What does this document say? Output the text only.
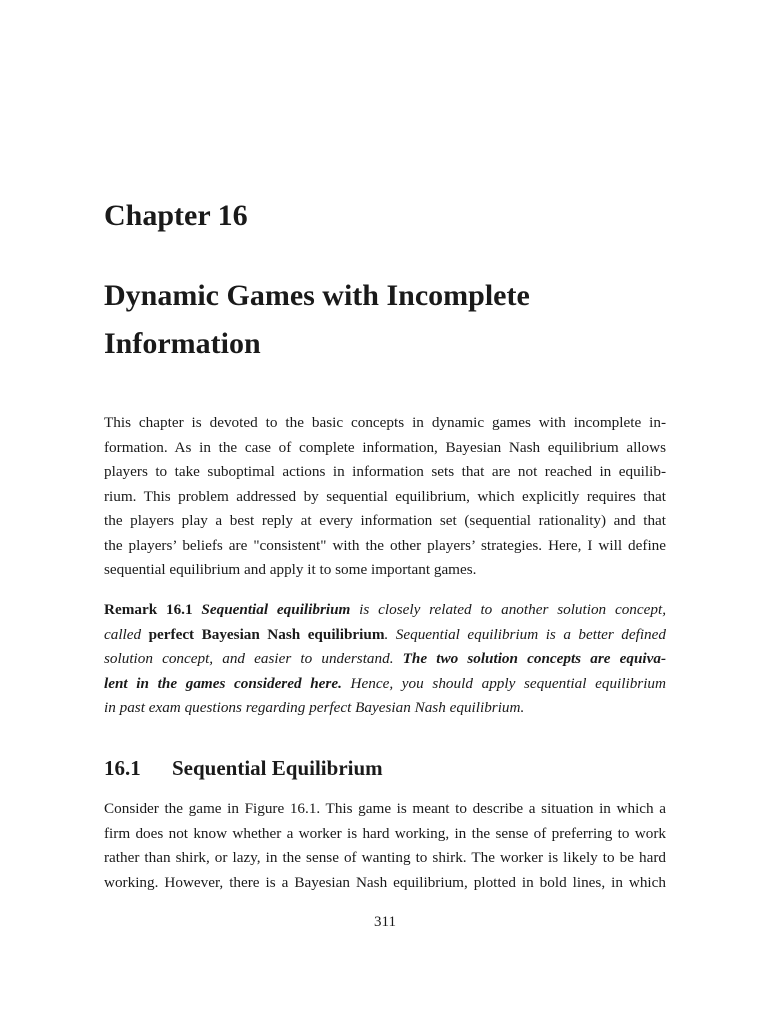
Chapter 16
Dynamic Games with Incomplete
Information

This chapter is devoted to the basic concepts in dynamic games with incomplete in-
formation. As in the case of complete information, Bayesian Nash equilibrium allows
players to take suboptimal actions in information sets that are not reached in equilib-
rium. This problem addressed by sequential equilibrium, which explicitly requires that
the players play a best reply at every information set (sequential rationality) and that
the players’ beliefs are "consistent" with the other players’ strategies. Here, I will define
sequential equilibrium and apply it to some important games.

Remark 16.1 Sequential equilibrium is closely related to another solution concept,
called perfect Bayesian Nash equilibrium. Sequential equilibrium is a better defined
solution concept, and easier to understand. The two solution concepts are equiva-
lent in the games considered here. Hence, you should apply sequential equilibrium
in past exam questions regarding perfect Bayesian Nash equilibrium.

16.1 Sequential Equilibrium

Consider the game in Figure 16.1. This game is meant to describe a situation in which a
firm does not know whether a worker is hard working, in the sense of preferring to work
rather than shirk, or lazy, in the sense of wanting to shirk. The worker is likely to be hard
working. However, there is a Bayesian Nash equilibrium, plotted in bold lines, in which

311
